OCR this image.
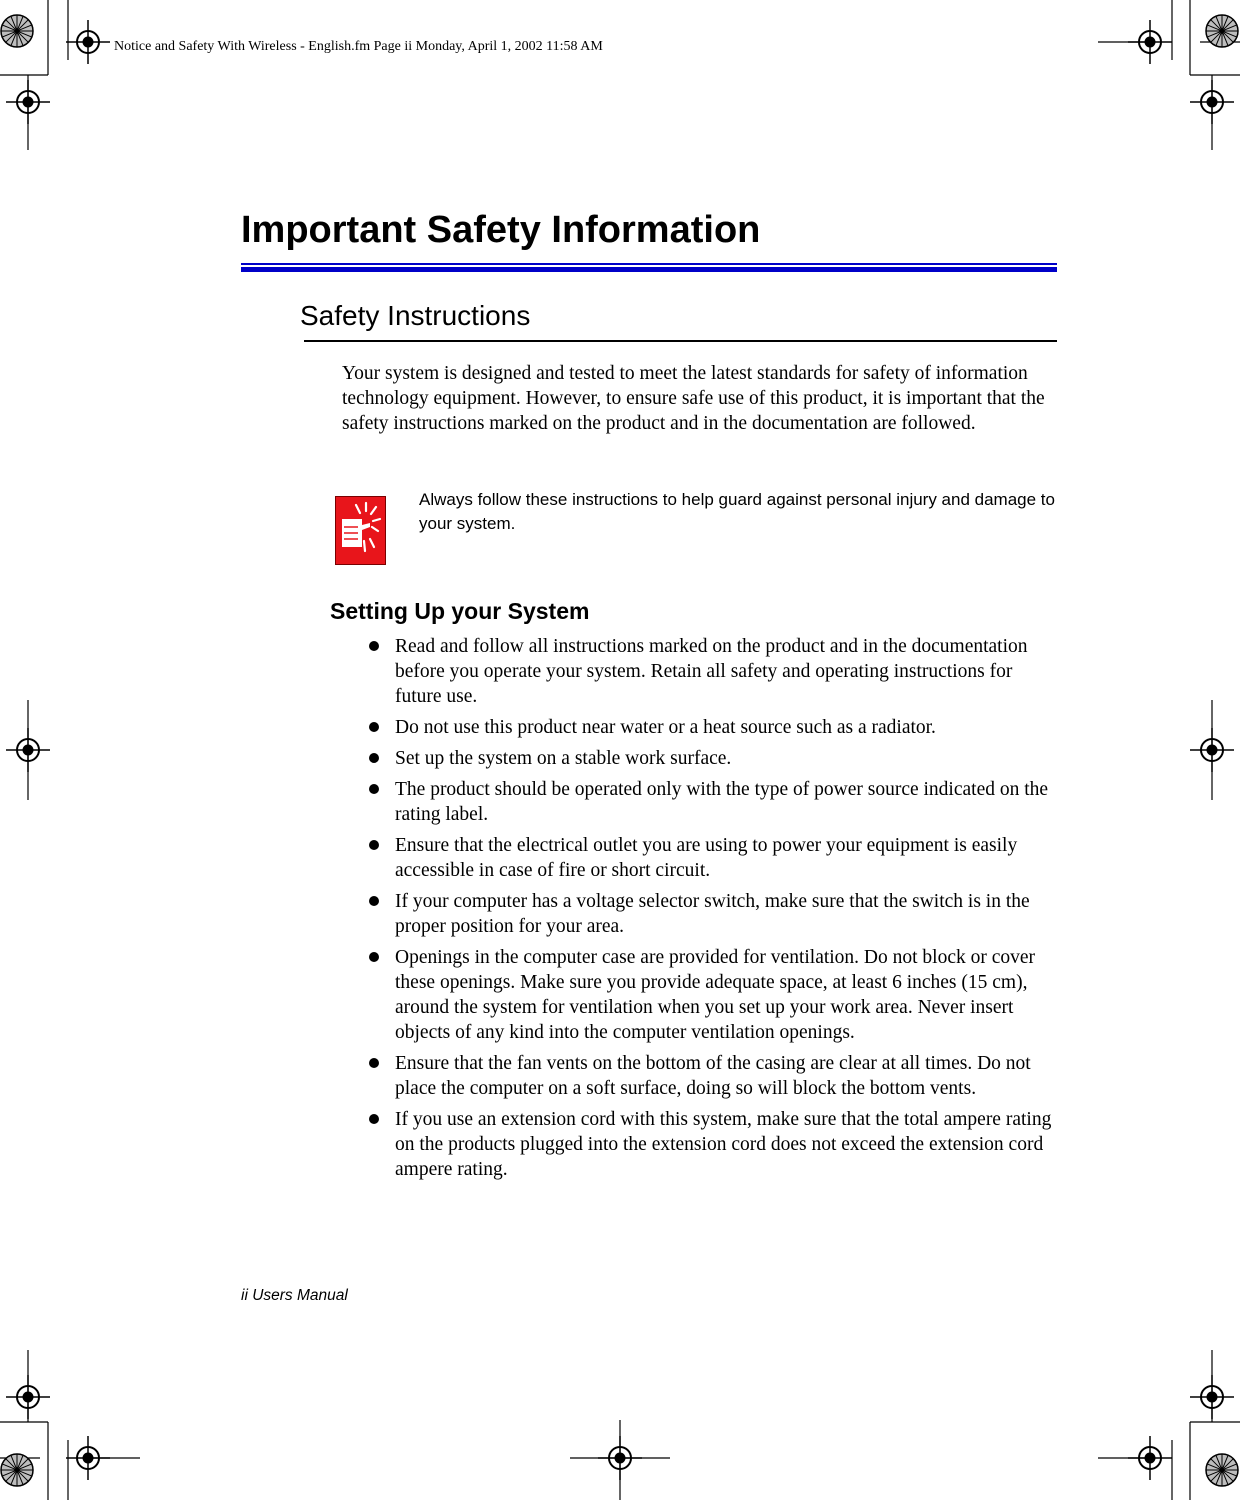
Notice and Safety With Wireless - English.fm Page ii Monday, April 1, 2002 11:58 AM
Important Safety Information
Safety Instructions

Your system is designed and tested to meet the latest standards for safety of information technology equipment. However, to ensure safe use of this product, it is important that the safety instructions marked on the product and in the documentation are followed.

Always follow these instructions to help guard against personal injury and damage to your system.

Setting Up your System
Read and follow all instructions marked on the product and in the documentation before you operate your system. Retain all safety and operating instructions for future use.
Do not use this product near water or a heat source such as a radiator.
Set up the system on a stable work surface.
The product should be operated only with the type of power source indicated on the rating label.
Ensure that the electrical outlet you are using to power your equipment is easily accessible in case of fire or short circuit.
If your computer has a voltage selector switch, make sure that the switch is in the proper position for your area.
Openings in the computer case are provided for ventilation. Do not block or cover these openings. Make sure you provide adequate space, at least 6 inches (15 cm), around the system for ventilation when you set up your work area. Never insert objects of any kind into the computer ventilation openings.
Ensure that the fan vents on the bottom of the casing are clear at all times. Do not place the computer on a soft surface, doing so will block the bottom vents.
If you use an extension cord with this system, make sure that the total ampere rating on the products plugged into the extension cord does not exceed the extension cord ampere rating.
ii Users Manual
